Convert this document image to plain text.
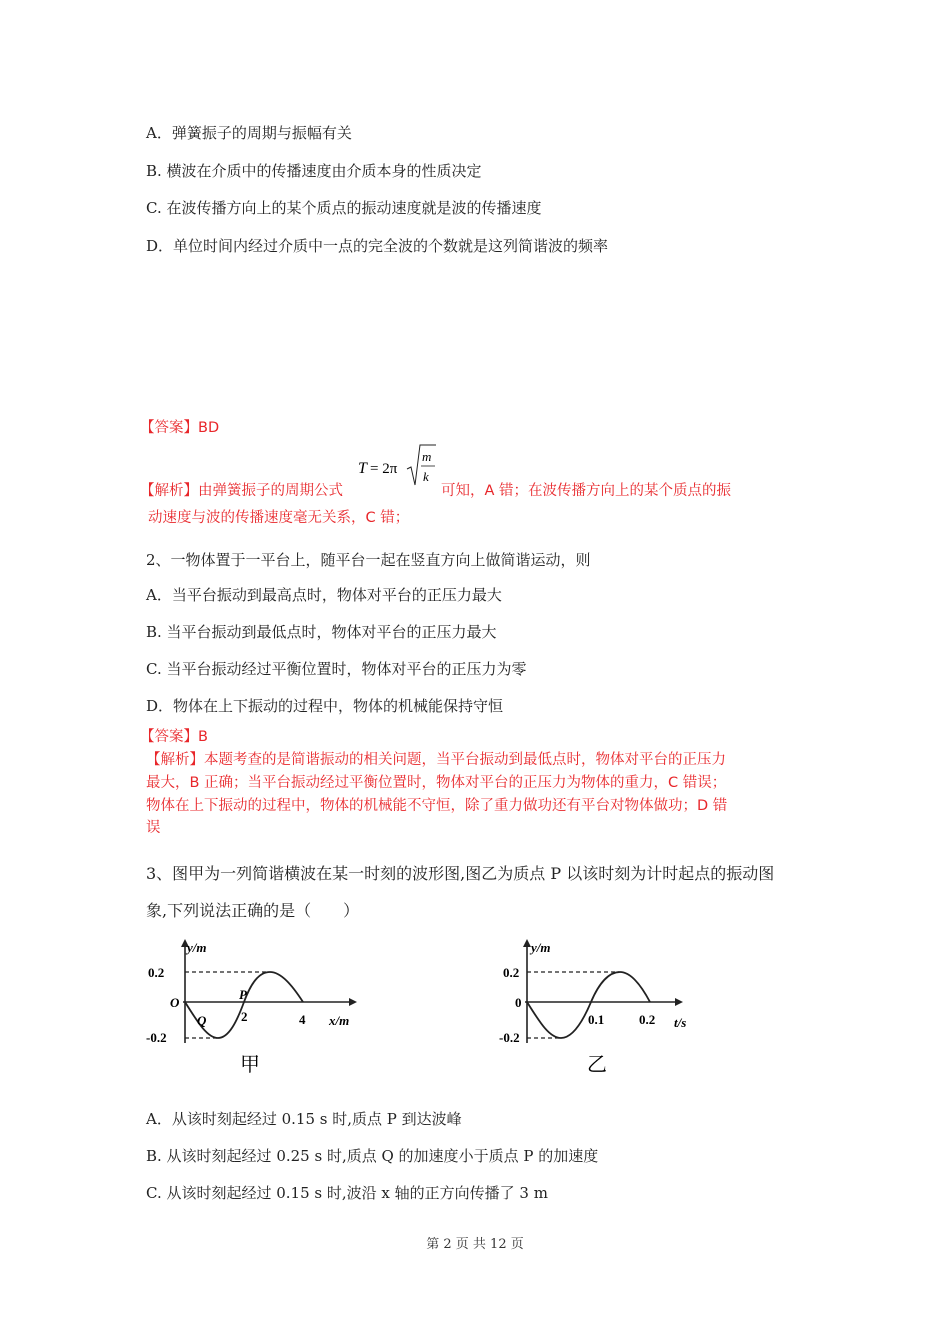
A．弹簧振子的周期与振幅有关
B. 横波在介质中的传播速度由介质本身的性质决定
C. 在波传播方向上的某个质点的振动速度就是波的传播速度
D．单位时间内经过介质中一点的完全波的个数就是这列简谐波的频率
【答案】BD
T = 2π
m
k
【解析】由弹簧振子的周期公式	可知，A 错；在波传播方向上的某个质点的振
动速度与波的传播速度毫无关系，C 错；
2、一物体置于一平台上，随平台一起在竖直方向上做简谐运动，则
A．当平台振动到最高点时，物体对平台的正压力最大
B. 当平台振动到最低点时，物体对平台的正压力最大
C. 当平台振动经过平衡位置时，物体对平台的正压力为零
D．物体在上下振动的过程中，物体的机械能保持守恒
【答案】B
【解析】本题考查的是简谐振动的相关问题，当平台振动到最低点时，物体对平台的正压力
最大，B 正确；当平台振动经过平衡位置时，物体对平台的正压力为物体的重力，C 错误；
物体在上下振动的过程中，物体的机械能不守恒，除了重力做功还有平台对物体做功；D 错
误
3、图甲为一列简谐横波在某一时刻的波形图,图乙为质点 P 以该时刻为计时起点的振动图
象,下列说法正确的是（　　）
y/m
0.2
O
-0.2
P
Q	2	4 x/m
甲
y/m
0.2
0
-0.2
0.1	0.2 t/s
乙
A．从该时刻起经过 0.15 s 时,质点 P 到达波峰
B. 从该时刻起经过 0.25 s 时,质点 Q 的加速度小于质点 P 的加速度
C. 从该时刻起经过 0.15 s 时,波沿 x 轴的正方向传播了 3 m
第 2 页 共 12 页
